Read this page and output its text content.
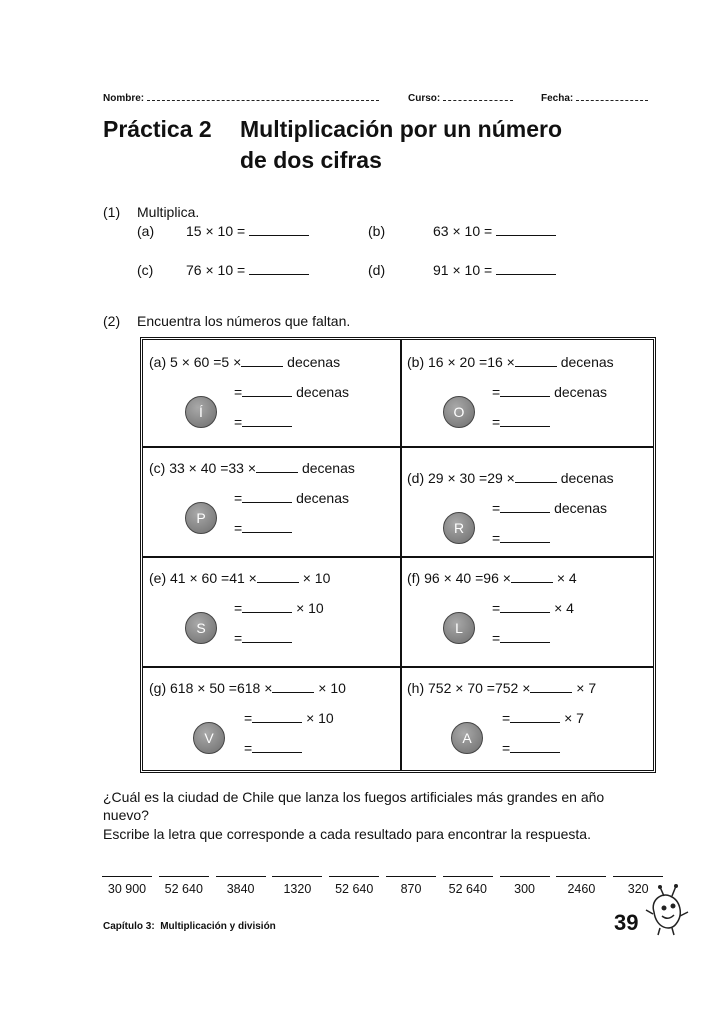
Nombre:	Curso:	Fecha:
Práctica 2 Multiplicación por un número
de dos cifras
(1) Multiplica.
(a) 15 × 10 =	(b)	63 × 10 =
(c) 76 × 10 =	(d)	91 × 10 =
(2) Encuentra los números que faltan.
(a) 5 × 60 =5 ×	decenas
=	decenas
=
Í
(b) 16 × 20 =16 ×	decenas
=	decenas
=
O
(c) 33 × 40 =33 ×	decenas
=	decenas
=
P
(d) 29 × 30 =29 ×	decenas
=	decenas
=
R
(e) 41 × 60 =41 ×	× 10
=	× 10
=
S
(f) 96 × 40 =96 ×	× 4
=	× 4
=
L
(g) 618 × 50 =618 ×	× 10
=	× 10
=
V
(h) 752 × 70 =752 ×	× 7
=	× 7
=
A
¿Cuál es la ciudad de Chile que lanza los fuegos artificiales más grandes en año
nuevo?
Escribe la letra que corresponde a cada resultado para encontrar la respuesta.
30 900	52 640	3840	1320	52 640	870	52 640	300	2460	320
Capítulo 3:  Multiplicación y división	39
